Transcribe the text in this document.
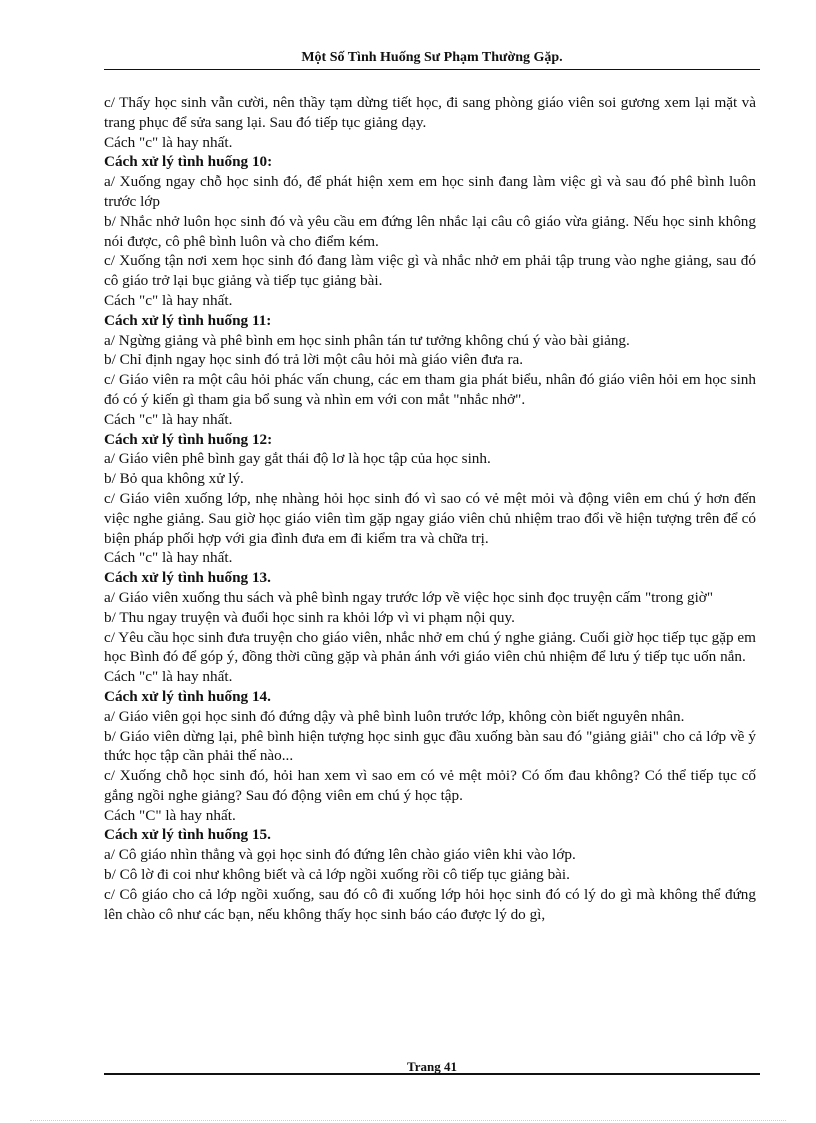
Một Số Tình Huống Sư Phạm Thường Gặp.

c/ Thấy học sinh vẫn cười, nên thầy tạm dừng tiết học, đi sang phòng giáo viên soi gương xem lại mặt và trang phục để sửa sang lại. Sau đó tiếp tục giảng dạy.

Cách "c" là hay nhất.

Cách xử lý tình huống 10:

a/ Xuống ngay chỗ học sinh đó, để phát hiện xem em học sinh đang làm việc gì và sau đó phê bình luôn trước lớp

b/ Nhắc nhở luôn học sinh đó và yêu cầu em đứng lên nhắc lại câu cô giáo vừa giảng. Nếu học sinh không nói được, cô phê bình luôn và cho điểm kém.

c/ Xuống tận nơi xem học sinh đó đang làm việc gì và nhắc nhở em phải tập trung vào nghe giảng, sau đó cô giáo trở lại bục giảng và tiếp tục giảng bài.

Cách "c" là hay nhất.

Cách xử lý tình huống 11:

a/ Ngừng giảng và phê bình em học sinh phân tán tư tưởng không chú ý vào bài giảng.

b/ Chỉ định ngay học sinh đó trả lời một câu hỏi mà giáo viên đưa ra.

c/ Giáo viên ra một câu hỏi phác vấn chung, các em tham gia phát biểu, nhân đó giáo viên hỏi em học sinh đó có ý kiến gì tham gia bổ sung và nhìn em với con mắt "nhắc nhở".

Cách "c" là hay nhất.

Cách xử lý tình huống 12:

a/ Giáo viên phê bình gay gắt thái độ lơ là học tập của học sinh.

b/ Bỏ qua không xử lý.

c/ Giáo viên xuống lớp, nhẹ nhàng hỏi học sinh đó vì sao có vẻ mệt mỏi và động viên em chú ý hơn đến việc nghe giảng. Sau giờ học giáo viên tìm gặp ngay giáo viên chủ nhiệm trao đổi về hiện tượng trên để có biện pháp phối hợp với gia đình đưa em đi kiểm tra và chữa trị.

Cách "c" là hay nhất.

Cách xử lý tình huống 13.

a/ Giáo viên xuống thu sách và phê bình ngay trước lớp về việc học sinh đọc truyện cấm "trong giờ"

b/ Thu ngay truyện và đuổi học sinh ra khỏi lớp vì vi phạm nội quy.

c/ Yêu cầu học sinh đưa truyện cho giáo viên, nhắc nhở em chú ý nghe giảng. Cuối giờ học tiếp tục gặp em học Bình đó để góp ý, đồng thời cũng gặp và phản ánh với giáo viên chủ nhiệm để lưu ý tiếp tục uốn nắn.

Cách "c" là hay nhất.

Cách xử lý tình huống 14.

a/ Giáo viên gọi học sinh đó đứng dậy và phê bình luôn trước lớp, không còn biết nguyên nhân.

b/ Giáo viên dừng lại, phê bình hiện tượng học sinh gục đầu xuống bàn sau đó "giảng giải" cho cả lớp về ý thức học tập cần phải thế nào...

c/ Xuống chỗ học sinh đó, hỏi han xem vì sao em có vẻ mệt mỏi? Có ốm đau không? Có thể tiếp tục cố gắng ngồi nghe giảng? Sau đó động viên em chú ý học tập.

Cách "C" là hay nhất.

Cách xử lý tình huống 15.

a/ Cô giáo nhìn thẳng và gọi học sinh đó đứng lên chào giáo viên khi vào lớp.

b/ Cô lờ đi coi như không biết và cả lớp ngồi xuống rồi cô tiếp tục giảng bài.

c/ Cô giáo cho cả lớp ngồi xuống, sau đó cô đi xuống lớp hỏi học sinh đó có lý do gì mà không thể đứng lên chào cô như các bạn, nếu không thấy học sinh báo cáo được lý do gì,

Trang 41
